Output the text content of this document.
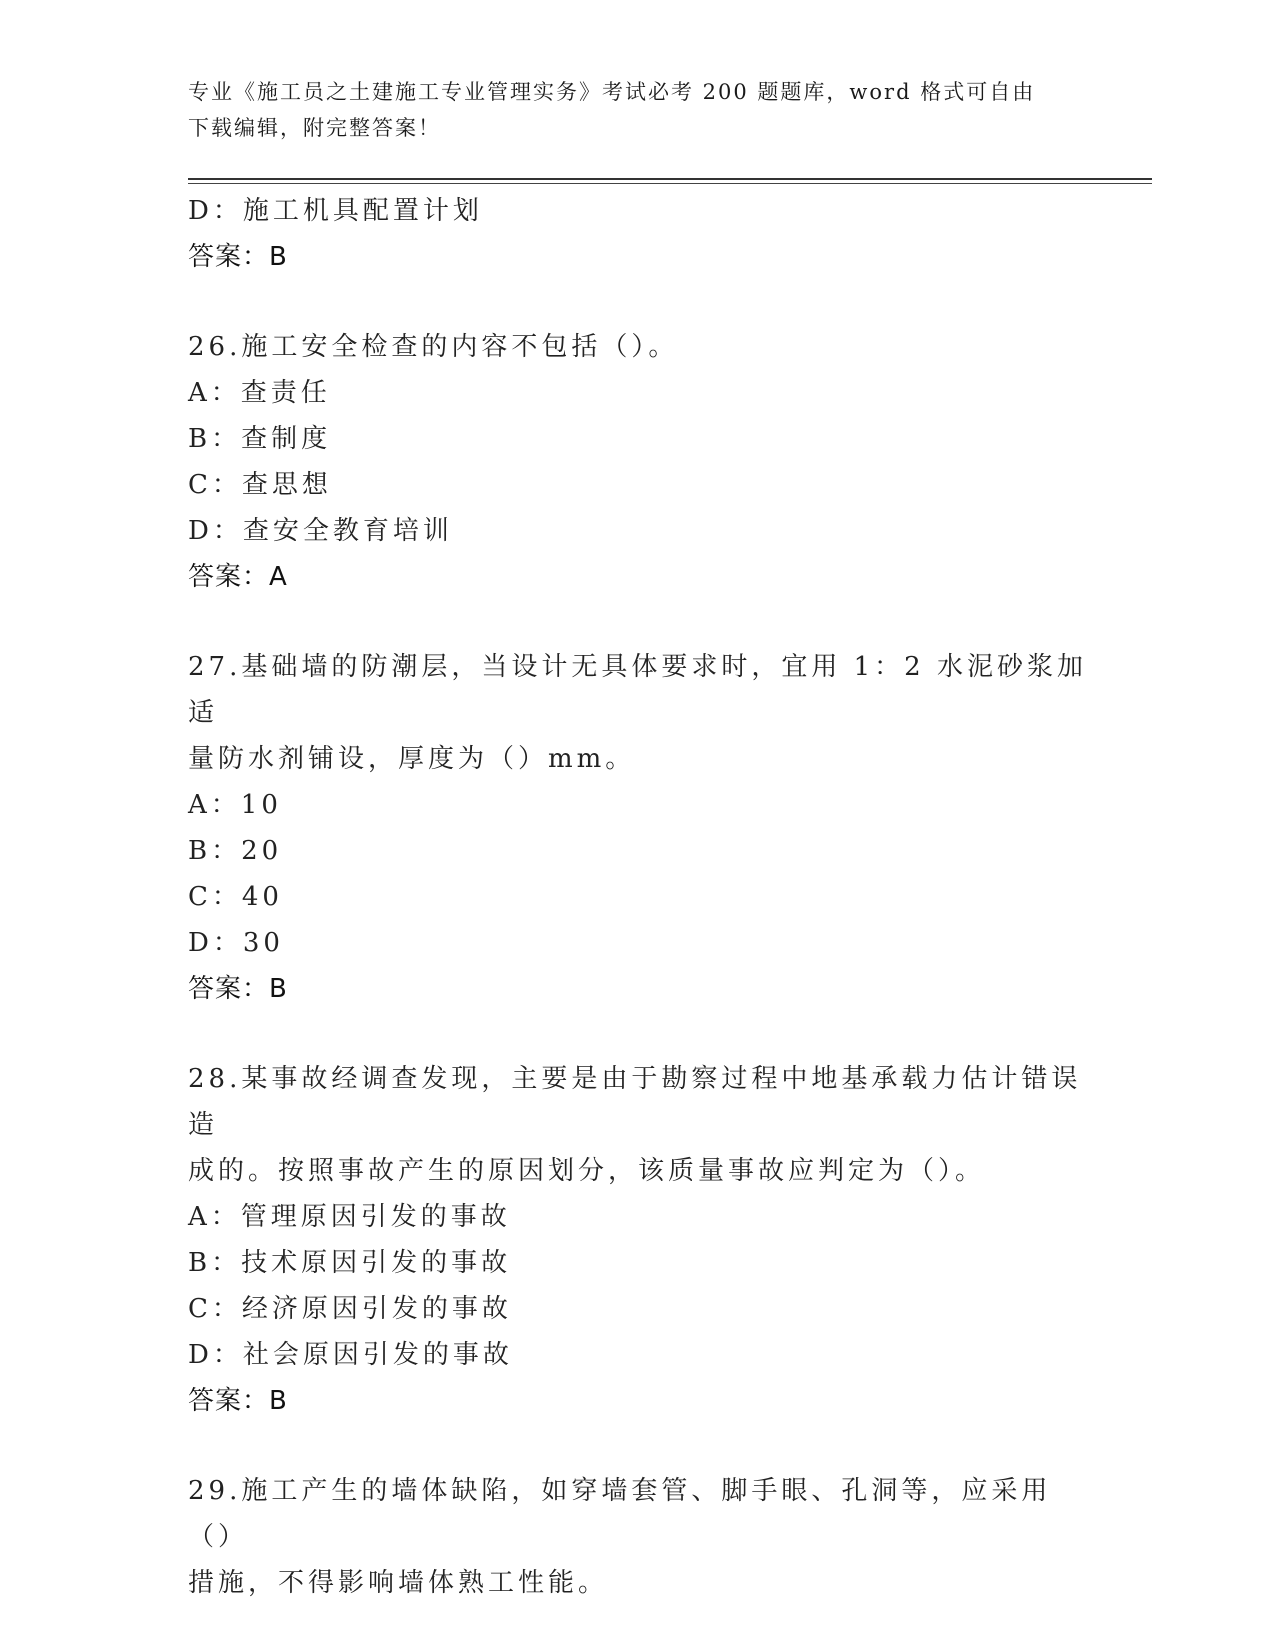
专业《施工员之土建施工专业管理实务》考试必考 200 题题库，word 格式可自由
下载编辑，附完整答案！
D：施工机具配置计划
答案：B
26.施工安全检查的内容不包括（）。
A：查责任
B：查制度
C：查思想
D：查安全教育培训
答案：A
27.基础墙的防潮层，当设计无具体要求时，宜用 1：2 水泥砂浆加适
量防水剂铺设，厚度为（）mm。
A：10
B：20
C：40
D：30
答案：B
28.某事故经调查发现，主要是由于勘察过程中地基承载力估计错误造
成的。按照事故产生的原因划分，该质量事故应判定为（）。
A：管理原因引发的事故
B：技术原因引发的事故
C：经济原因引发的事故
D：社会原因引发的事故
答案：B
29.施工产生的墙体缺陷，如穿墙套管、脚手眼、孔洞等，应采用（）
措施，不得影响墙体熟工性能。
